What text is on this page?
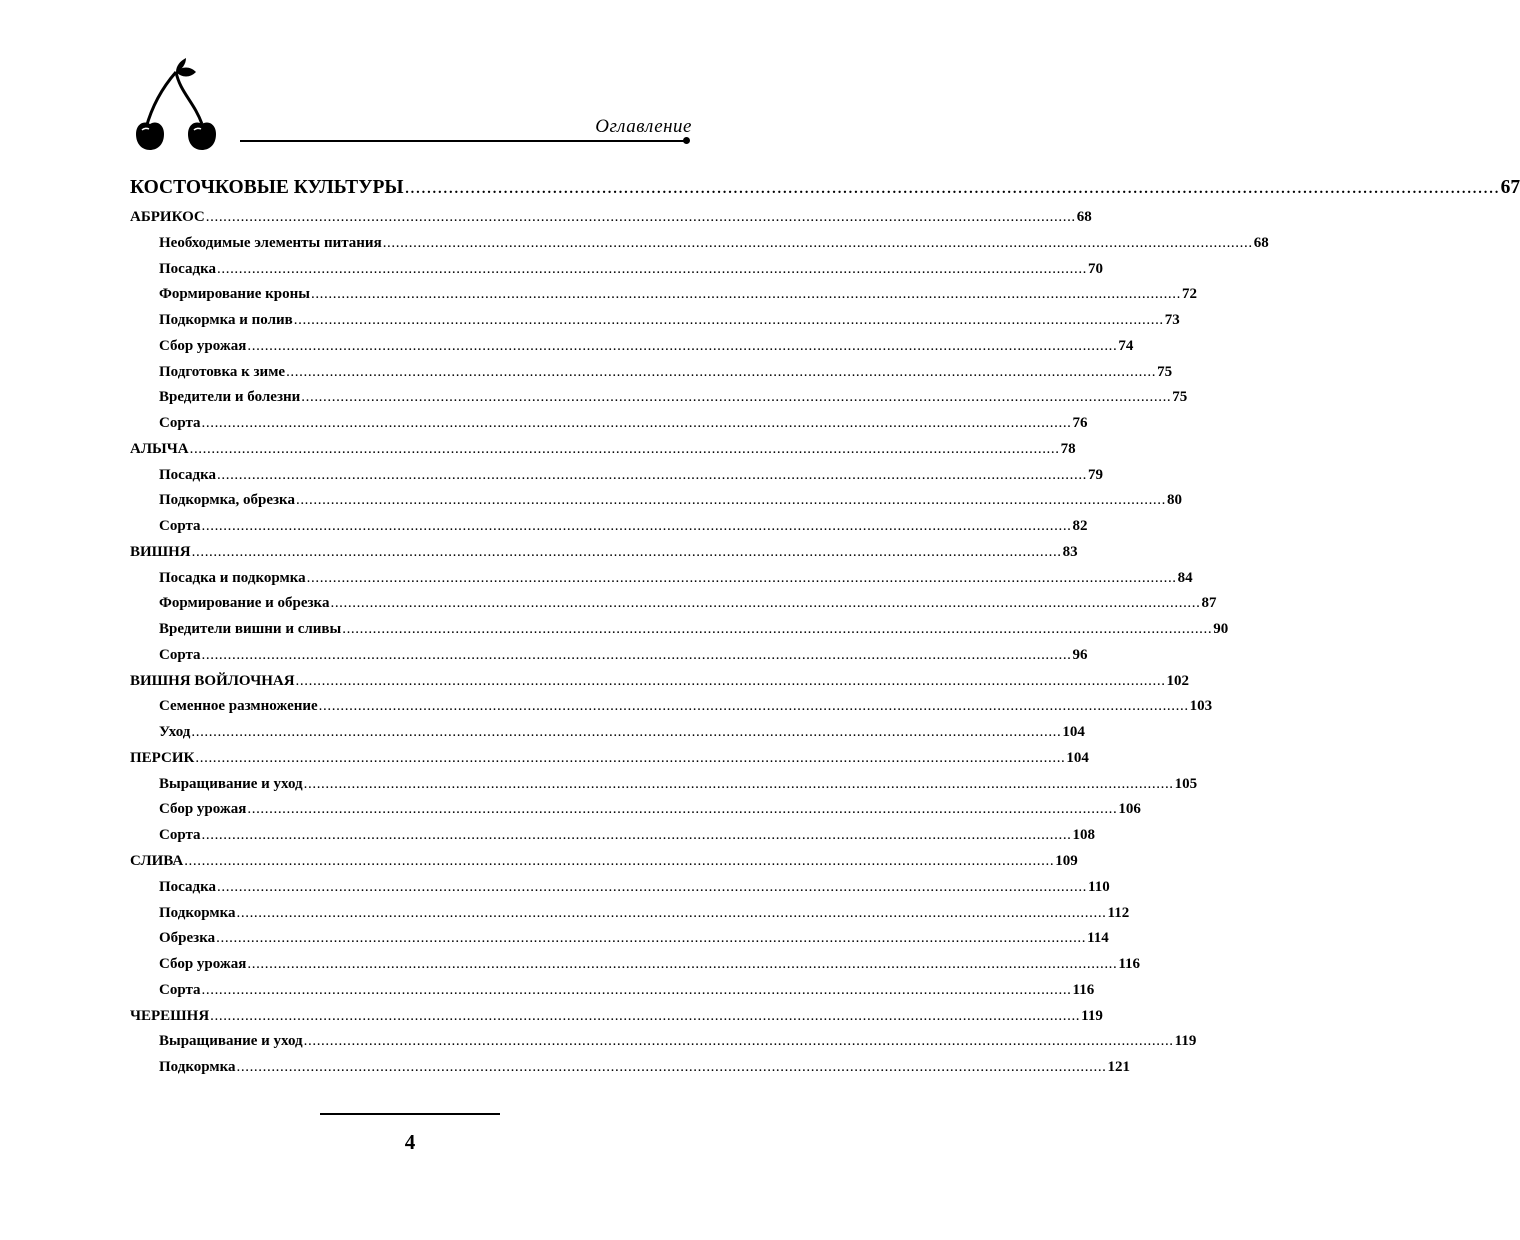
Оглавление
КОСТОЧКОВЫЕ КУЛЬТУРЫ ........................................................................................................................................................................................................ 67
АБРИКОС ........................................................................................................................................................................................................ 68
Необходимые элементы питания ........................................................................................................................................................................................................ 68
Посадка ........................................................................................................................................................................................................ 70
Формирование кроны ........................................................................................................................................................................................................ 72
Подкормка и полив ........................................................................................................................................................................................................ 73
Сбор урожая ........................................................................................................................................................................................................ 74
Подготовка к зиме ........................................................................................................................................................................................................ 75
Вредители и болезни ........................................................................................................................................................................................................ 75
Сорта ........................................................................................................................................................................................................ 76
АЛЫЧА ........................................................................................................................................................................................................ 78
Посадка ........................................................................................................................................................................................................ 79
Подкормка, обрезка ........................................................................................................................................................................................................ 80
Сорта ........................................................................................................................................................................................................ 82
ВИШНЯ ........................................................................................................................................................................................................ 83
Посадка и подкормка ........................................................................................................................................................................................................ 84
Формирование и обрезка ........................................................................................................................................................................................................ 87
Вредители вишни и сливы ........................................................................................................................................................................................................ 90
Сорта ........................................................................................................................................................................................................ 96
ВИШНЯ ВОЙЛОЧНАЯ ........................................................................................................................................................................................................ 102
Семенное размножение ........................................................................................................................................................................................................ 103
Уход ........................................................................................................................................................................................................ 104
ПЕРСИК ........................................................................................................................................................................................................ 104
Выращивание и уход ........................................................................................................................................................................................................ 105
Сбор урожая ........................................................................................................................................................................................................ 106
Сорта ........................................................................................................................................................................................................ 108
СЛИВА ........................................................................................................................................................................................................ 109
Посадка ........................................................................................................................................................................................................ 110
Подкормка ........................................................................................................................................................................................................ 112
Обрезка ........................................................................................................................................................................................................ 114
Сбор урожая ........................................................................................................................................................................................................ 116
Сорта ........................................................................................................................................................................................................ 116
ЧЕРЕШНЯ ........................................................................................................................................................................................................ 119
Выращивание и уход ........................................................................................................................................................................................................ 119
Подкормка ........................................................................................................................................................................................................ 121
4
